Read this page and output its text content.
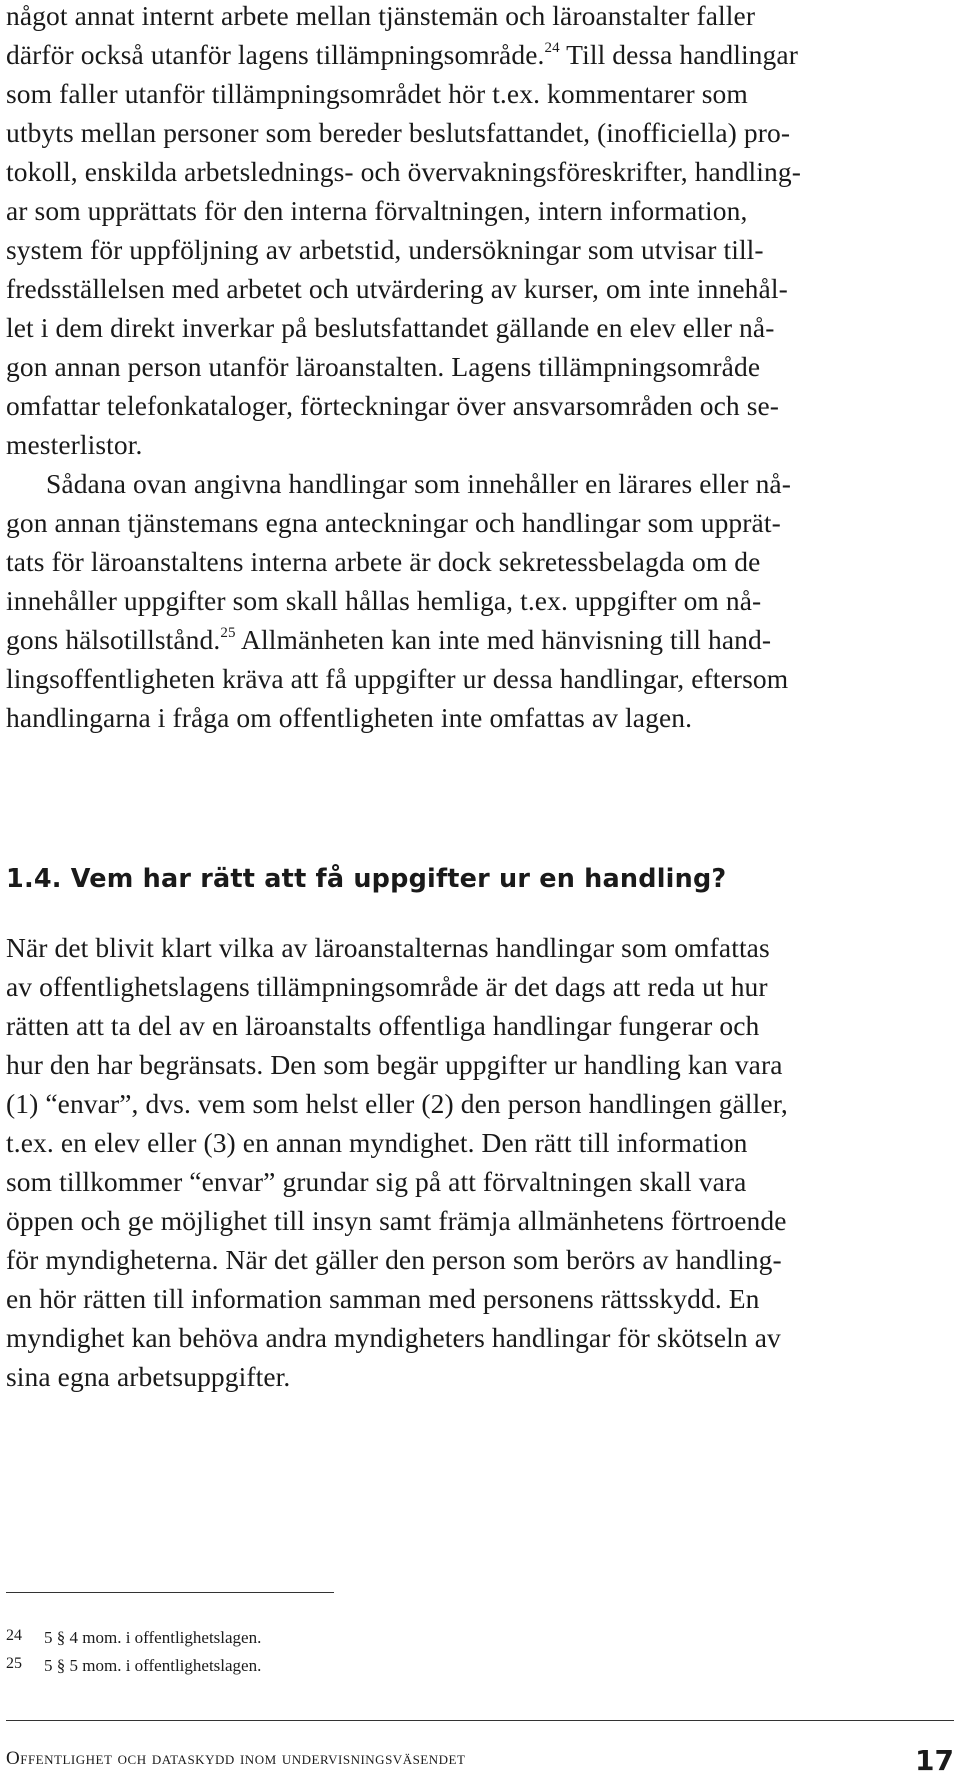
något annat internt arbete mellan tjänstemän och läroanstalter faller
därför också utanför lagens tillämpningsområde.$^{24}$ Till dessa handlingar
som faller utanför tillämpningsområdet hör t.ex. kommentarer som
utbyts mellan personer som bereder beslutsfattandet, (inofficiella) pro-
tokoll, enskilda arbetslednings- och övervakningsföreskrifter, handling-
ar som upprättats för den interna förvaltningen, intern information,
system för uppföljning av arbetstid, undersökningar som utvisar till-
fredsställelsen med arbetet och utvärdering av kurser, om inte innehål-
let i dem direkt inverkar på beslutsfattandet gällande en elev eller nå-
gon annan person utanför läroanstalten. Lagens tillämpningsområde
omfattar telefonkataloger, förteckningar över ansvarsområden och se-
mesterlistor.
Sådana ovan angivna handlingar som innehåller en lärares eller nå-
gon annan tjänstemans egna anteckningar och handlingar som upprät-
tats för läroanstaltens interna arbete är dock sekretessbelagda om de
innehåller uppgifter som skall hållas hemliga, t.ex. uppgifter om nå-
gons hälsotillstånd.$^{25}$ Allmänheten kan inte med hänvisning till hand-
lingsoffentligheten kräva att få uppgifter ur dessa handlingar, eftersom
handlingarna i fråga om offentligheten inte omfattas av lagen.
1.4. Vem har rätt att få uppgifter ur en handling?
När det blivit klart vilka av läroanstalternas handlingar som omfattas
av offentlighetslagens tillämpningsområde är det dags att reda ut hur
rätten att ta del av en läroanstalts offentliga handlingar fungerar och
hur den har begränsats. Den som begär uppgifter ur handling kan vara
(1) “envar”, dvs. vem som helst eller (2) den person handlingen gäller,
t.ex. en elev eller (3) en annan myndighet. Den rätt till information
som tillkommer “envar” grundar sig på att förvaltningen skall vara
öppen och ge möjlighet till insyn samt främja allmänhetens förtroende
för myndigheterna. När det gäller den person som berörs av handling-
en hör rätten till information samman med personens rättsskydd. En
myndighet kan behöva andra myndigheters handlingar för skötseln av
sina egna arbetsuppgifter.
24 5 § 4 mom. i offentlighetslagen.
25 5 § 5 mom. i offentlighetslagen.
Offentlighet och dataskydd inom undervisningsväsendet	17
